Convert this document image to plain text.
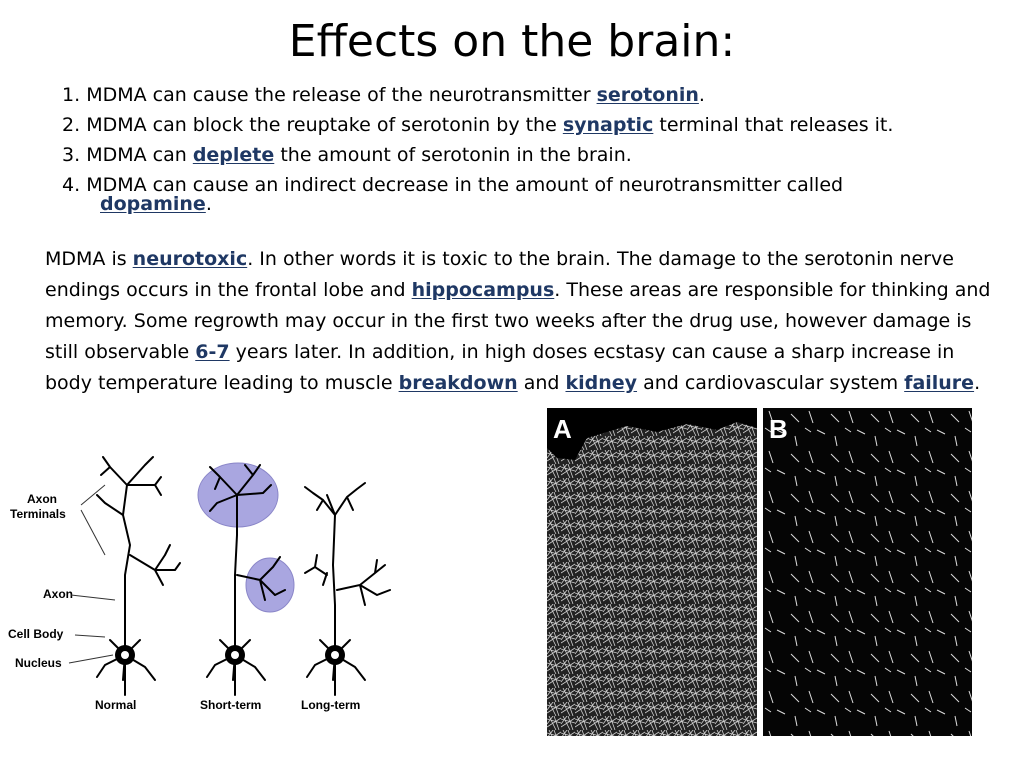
Effects on the brain:
1. MDMA can cause the release of the neurotransmitter serotonin.
2. MDMA can block the reuptake of serotonin by the synaptic terminal that releases it.
3. MDMA can deplete the amount of serotonin in the brain.
4. MDMA can cause an indirect decrease in the amount of neurotransmitter called
dopamine.

MDMA is neurotoxic. In other words it is toxic to the brain. The damage to the serotonin nerve endings occurs in the frontal lobe and hippocampus. These areas are responsible for thinking and memory. Some regrowth may occur in the first two weeks after the drug use, however damage is still observable 6-7 years later. In addition, in high doses ecstasy can cause a sharp increase in body temperature leading to muscle breakdown and kidney and cardiovascular system failure.

Axon
Terminals
Axon
Cell Body
Nucleus
Normal	Short-term	Long-term
A	B
